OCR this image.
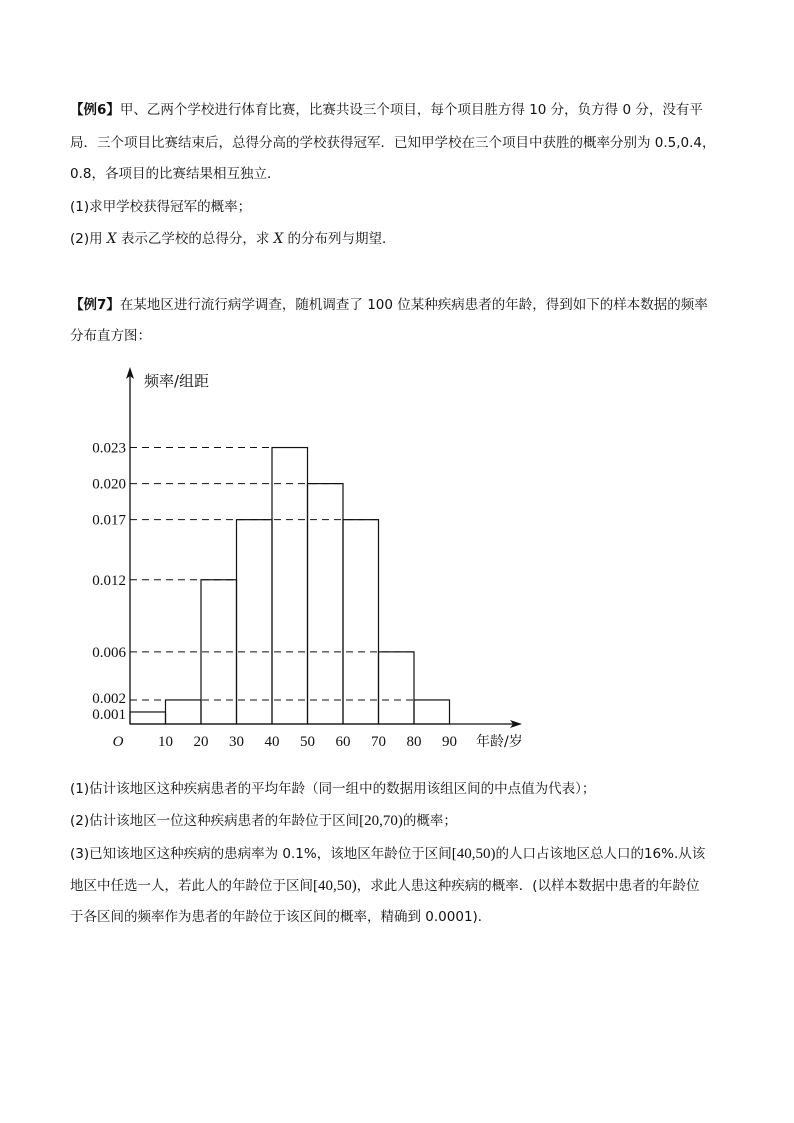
【例6】甲、乙两个学校进行体育比赛，比赛共设三个项目，每个项目胜方得 10 分，负方得 0 分，没有平
局．三个项目比赛结束后，总得分高的学校获得冠军．已知甲学校在三个项目中获胜的概率分别为 0.5,0.4，
0.8，各项目的比赛结果相互独立．
(1)求甲学校获得冠军的概率；
(2)用 X 表示乙学校的总得分，求 X 的分布列与期望．
【例7】在某地区进行流行病学调查，随机调查了 100 位某种疾病患者的年龄，得到如下的样本数据的频率
分布直方图：
0.001
0.002
0.006
0.012
0.017
0.020
0.023
10 20 30 40 50 60 70 80 90
O
频率/组距
年龄/岁
(1)估计该地区这种疾病患者的平均年龄（同一组中的数据用该组区间的中点值为代表）；
(2)估计该地区一位这种疾病患者的年龄位于区间[20,70)的概率；
(3)已知该地区这种疾病的患病率为 0.1%，该地区年龄位于区间[40,50)的人口占该地区总人口的16%.从该
地区中任选一人，若此人的年龄位于区间[40,50)，求此人患这种疾病的概率．(以样本数据中患者的年龄位
于各区间的频率作为患者的年龄位于该区间的概率，精确到 0.0001)．
